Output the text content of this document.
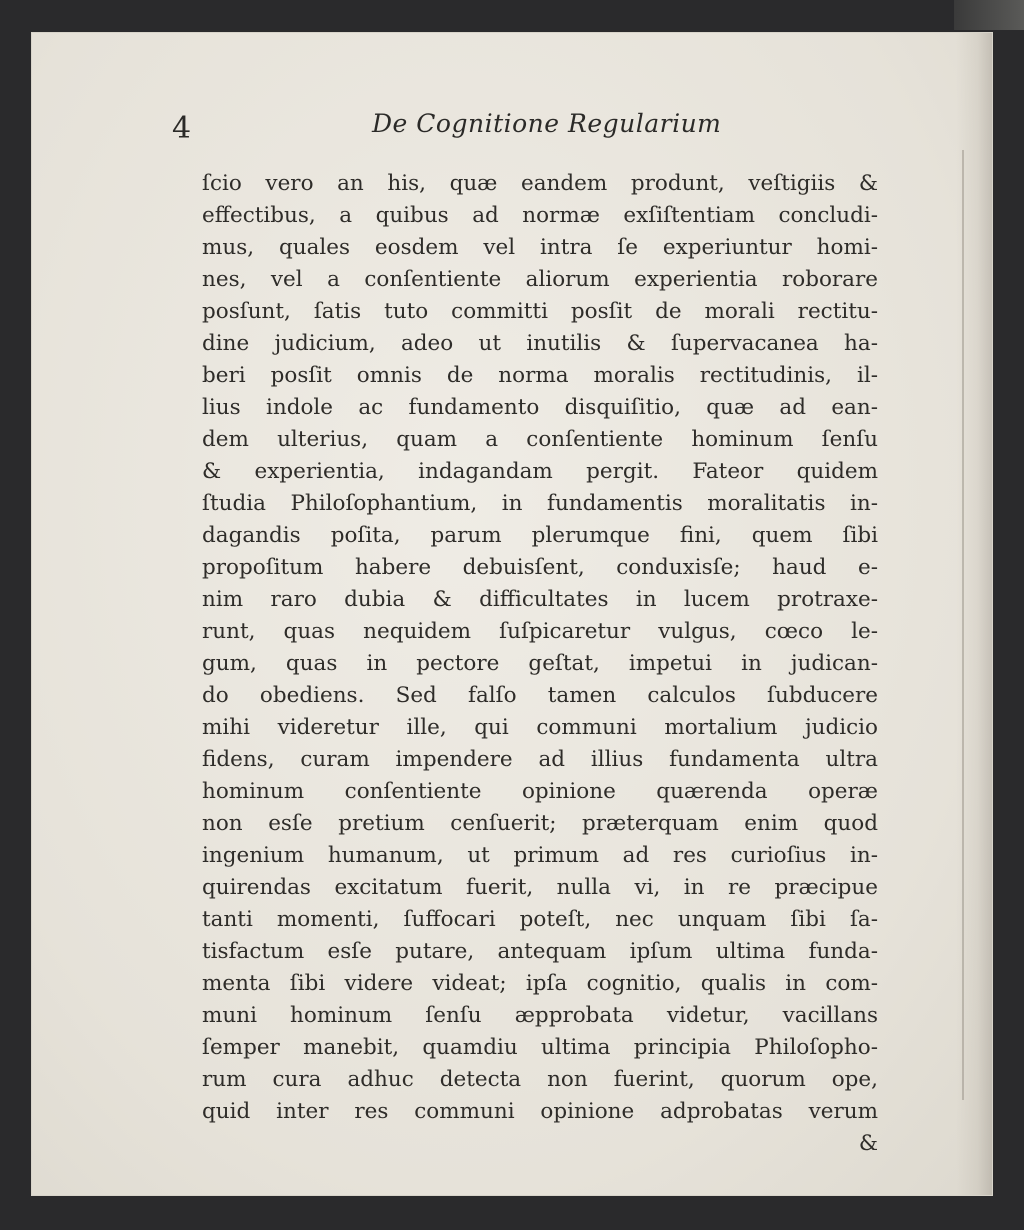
4	De Cognitione Regularium
ſcio vero an his, quæ eandem produnt, veſtigiis &
effectibus, a quibus ad normæ exſiſtentiam concludi-
mus, quales eosdem vel intra ſe experiuntur homi-
nes, vel a conſentiente aliorum experientia roborare
posſunt, ſatis tuto committi posſit de morali rectitu-
dine judicium, adeo ut inutilis & ſupervacanea ha-
beri posſit omnis de norma moralis rectitudinis, il-
lius indole ac fundamento disquiſitio, quæ ad ean-
dem ulterius, quam a conſentiente hominum ſenſu
& experientia, indagandam pergit. Fateor quidem
ſtudia Philoſophantium, in fundamentis moralitatis in-
dagandis poſita, parum plerumque fini, quem ſibi
propoſitum habere debuisſent, conduxisſe; haud e-
nim raro dubia & difficultates in lucem protraxe-
runt, quas nequidem ſuſpicaretur vulgus, cœco le-
gum, quas in pectore geſtat, impetui in judican-
do obediens. Sed falſo tamen calculos ſubducere
mihi videretur ille, qui communi mortalium judicio
fidens, curam impendere ad illius fundamenta ultra
hominum conſentiente opinione quærenda operæ
non esſe pretium cenſuerit; præterquam enim quod
ingenium humanum, ut primum ad res curioſius in-
quirendas excitatum fuerit, nulla vi, in re præcipue
tanti momenti, ſuffocari poteſt, nec unquam ſibi ſa-
tisfactum esſe putare, antequam ipſum ultima funda-
menta ſibi videre videat; ipſa cognitio, qualis in com-
muni hominum ſenſu æpprobata videtur, vacillans
ſemper manebit, quamdiu ultima principia Philoſopho-
rum cura adhuc detecta non fuerint, quorum ope,
quid inter res communi opinione adprobatas verum
&
